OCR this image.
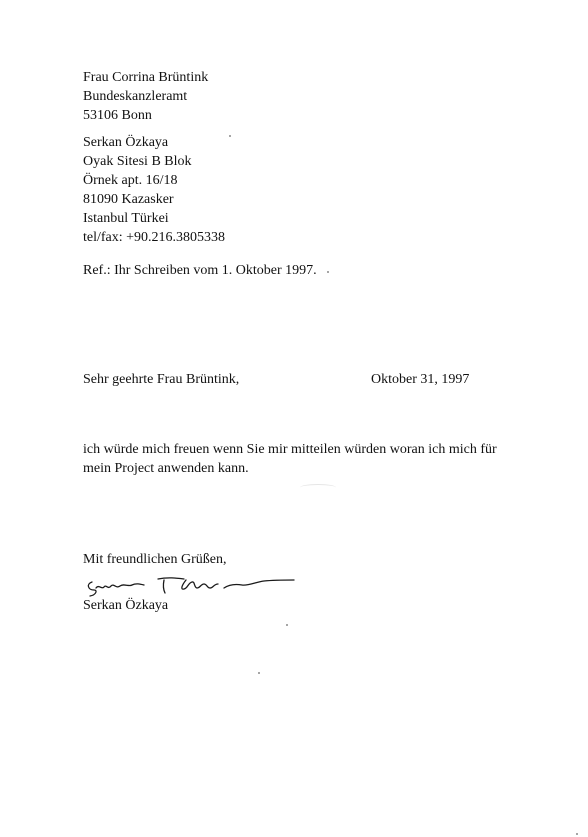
Frau Corrina Brüntink
Bundeskanzleramt
53106 Bonn
Serkan Özkaya
Oyak Sitesi B Blok
Örnek apt. 16/18
81090 Kazasker
Istanbul Türkei
tel/fax: +90.216.3805338
Ref.: Ihr Schreiben vom 1. Oktober 1997.
Sehr geehrte Frau Brüntink,	Oktober 31, 1997
ich würde mich freuen wenn Sie mir mitteilen würden woran ich mich für
mein Project anwenden kann.
Mit freundlichen Grüßen,
Serkan Özkaya
